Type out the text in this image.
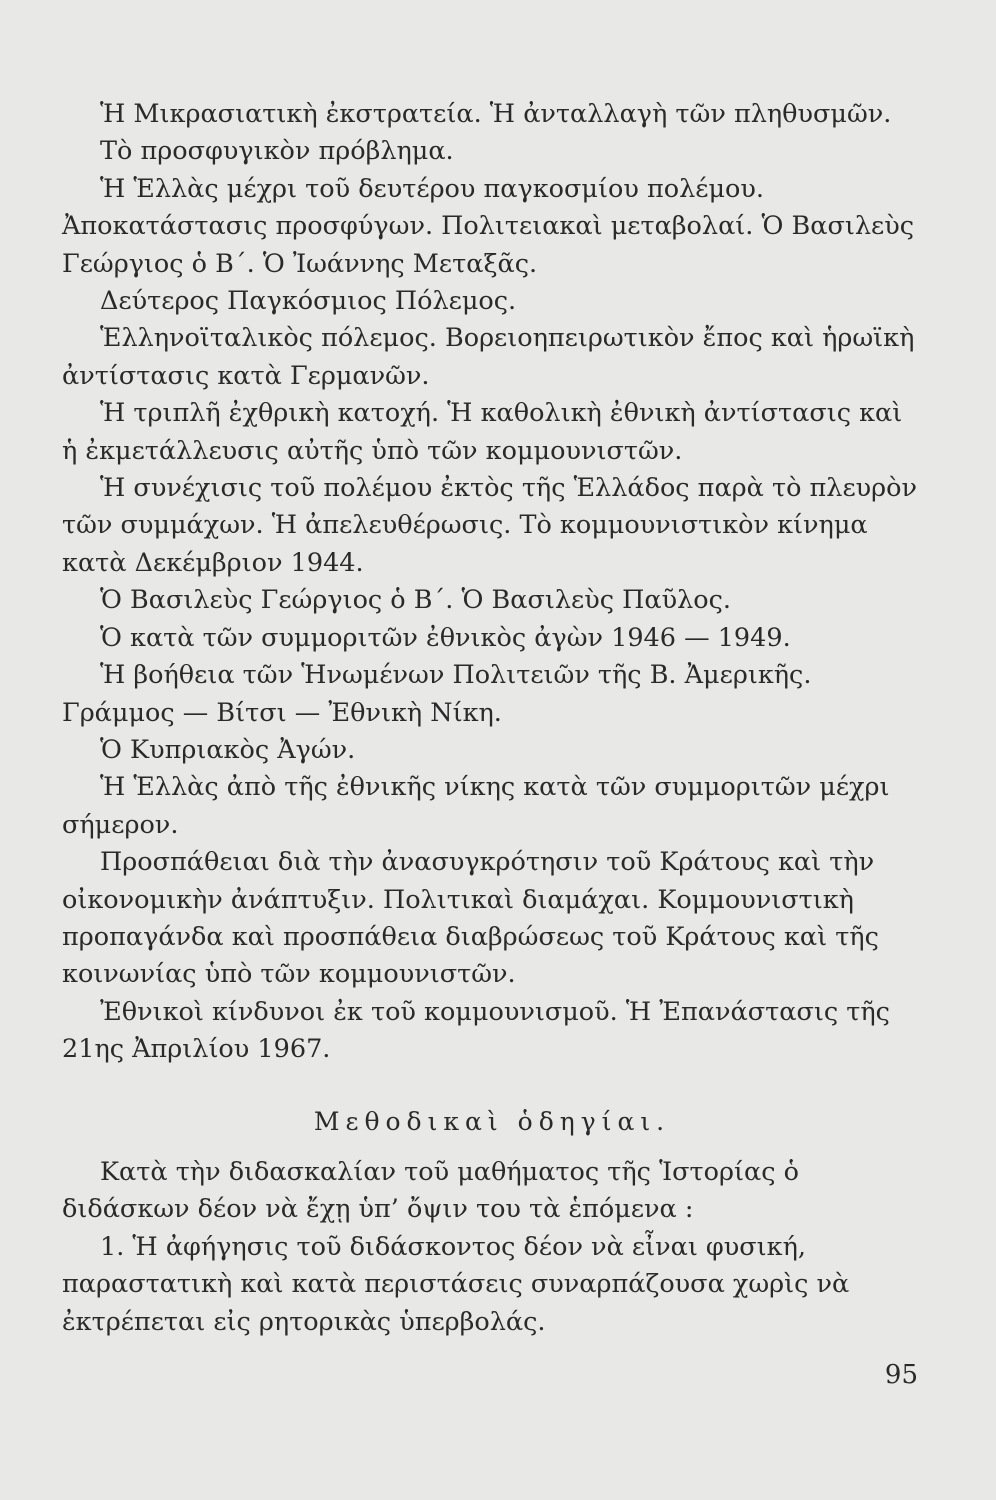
Ἡ Μικρασιατικὴ ἐκστρατεία. Ἡ ἀνταλλαγὴ τῶν πληθυσμῶν.

Τὸ προσφυγικὸν πρόβλημα.

Ἡ Ἑλλὰς μέχρι τοῦ δευτέρου παγκοσμίου πολέμου. Ἀποκατάστασις προσφύγων. Πολιτειακαὶ μεταβολαί. Ὁ Βασιλεὺς Γεώργιος ὁ Β΄. Ὁ Ἰωάννης Μεταξᾶς.

Δεύτερος Παγκόσμιος Πόλεμος.

Ἑλληνοϊταλικὸς πόλεμος. Βορειοηπειρωτικὸν ἔπος καὶ ἡρωϊκὴ ἀντίστασις κατὰ Γερμανῶν.

Ἡ τριπλῆ ἐχθρικὴ κατοχή. Ἡ καθολικὴ ἐθνικὴ ἀντίστασις καὶ ἡ ἐκμετάλλευσις αὐτῆς ὑπὸ τῶν κομμουνιστῶν.

Ἡ συνέχισις τοῦ πολέμου ἐκτὸς τῆς Ἑλλάδος παρὰ τὸ πλευρὸν τῶν συμμάχων. Ἡ ἀπελευθέρωσις. Τὸ κομμουνιστικὸν κίνημα κατὰ Δεκέμβριον 1944.

Ὁ Βασιλεὺς Γεώργιος ὁ Β΄. Ὁ Βασιλεὺς Παῦλος.

Ὁ κατὰ τῶν συμμοριτῶν ἐθνικὸς ἀγὼν 1946 — 1949.

Ἡ βοήθεια τῶν Ἡνωμένων Πολιτειῶν τῆς Β. Ἀμερικῆς. Γράμμος — Βίτσι — Ἐθνικὴ Νίκη.

Ὁ Κυπριακὸς Ἀγών.

Ἡ Ἑλλὰς ἀπὸ τῆς ἐθνικῆς νίκης κατὰ τῶν συμμοριτῶν μέχρι σήμερον.

Προσπάθειαι διὰ τὴν ἀνασυγκρότησιν τοῦ Κράτους καὶ τὴν οἰκονομικὴν ἀνάπτυξιν. Πολιτικαὶ διαμάχαι. Κομμουνιστικὴ προπαγάνδα καὶ προσπάθεια διαβρώσεως τοῦ Κράτους καὶ τῆς κοινωνίας ὑπὸ τῶν κομμουνιστῶν.

Ἐθνικοὶ κίνδυνοι ἐκ τοῦ κομμουνισμοῦ. Ἡ Ἐπανάστασις τῆς 21ης Ἀπριλίου 1967.

Μεθοδικαὶ ὁδηγίαι.

Κατὰ τὴν διδασκαλίαν τοῦ μαθήματος τῆς Ἱστορίας ὁ διδάσκων δέον νὰ ἔχῃ ὑπ’ ὄψιν του τὰ ἑπόμενα :

1. Ἡ ἀφήγησις τοῦ διδάσκοντος δέον νὰ εἶναι φυσική, παραστατικὴ καὶ κατὰ περιστάσεις συναρπάζουσα χωρὶς νὰ ἐκτρέπεται εἰς ρητορικὰς ὑπερβολάς.

95
